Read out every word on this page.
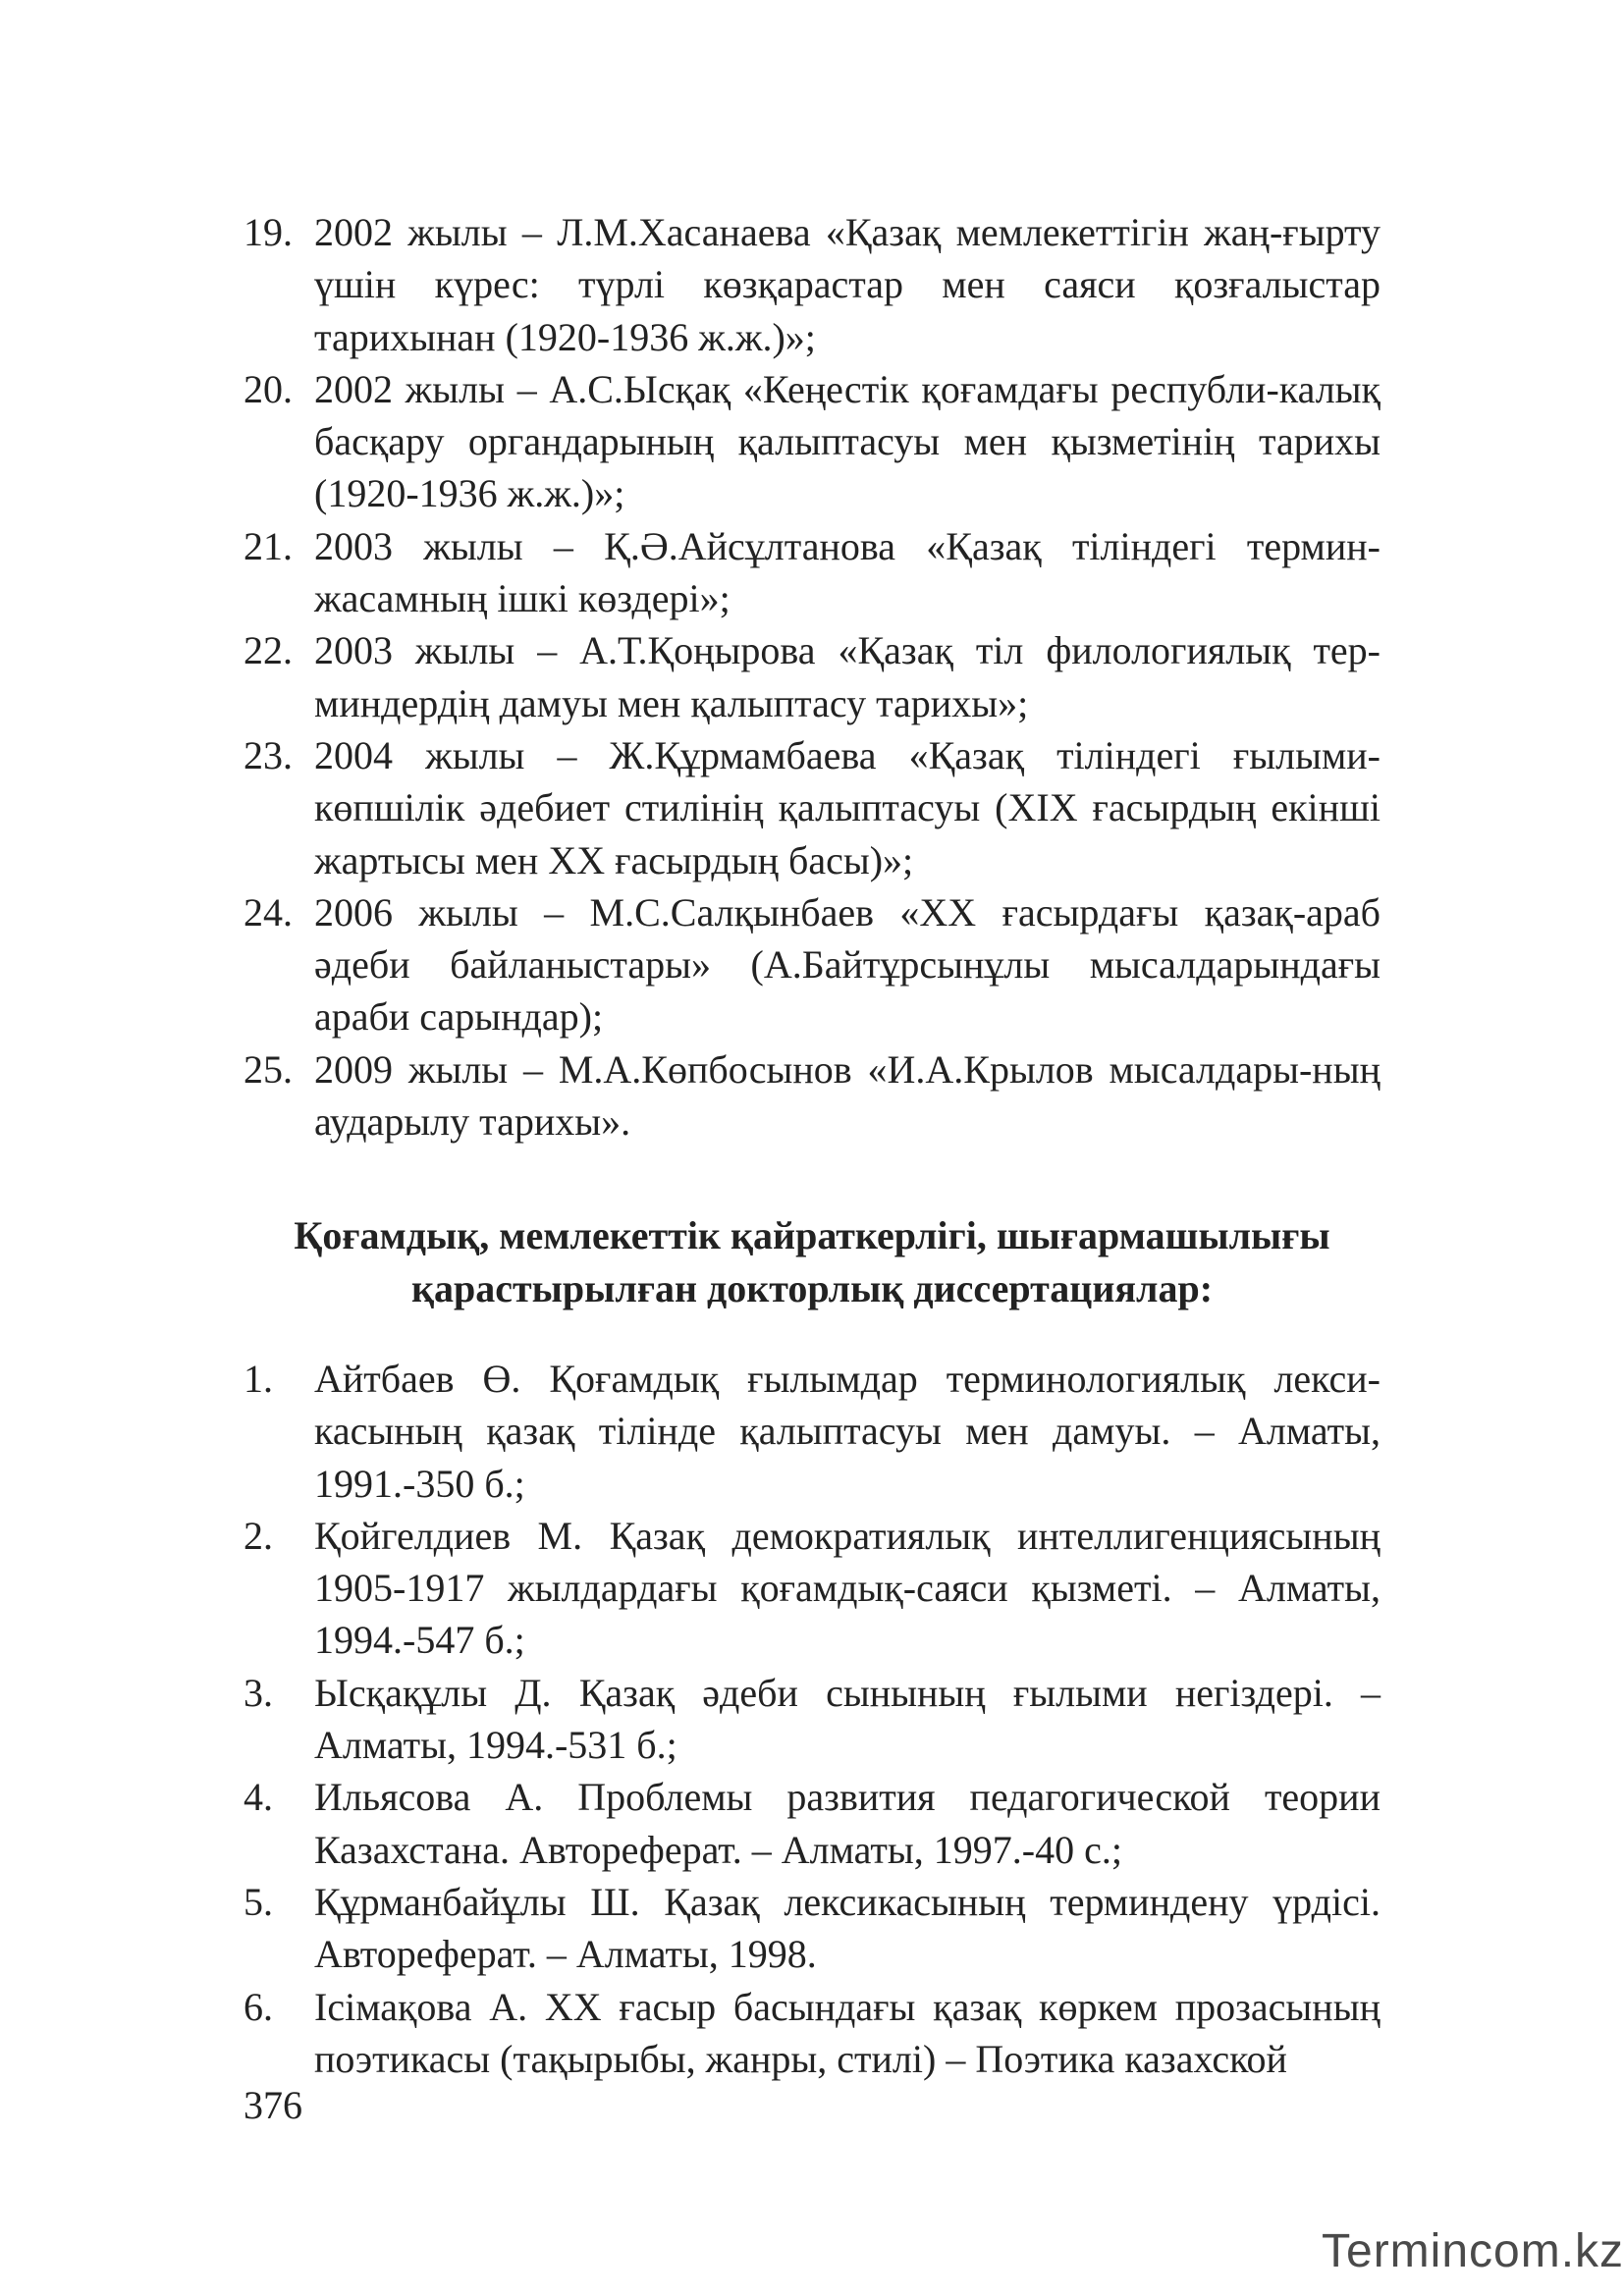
19. 2002 жылы – Л.М.Хасанаева «Қазақ мемлекеттігін жаң-ғырту үшін күрес: түрлі көзқарастар мен саяси қозғалыстар тарихынан (1920-1936 ж.ж.)»;
20. 2002 жылы – А.С.Ысқақ «Кеңестік қоғамдағы республи-калық басқару органдарының қалыптасуы мен қызметінің тарихы (1920-1936 ж.ж.)»;
21. 2003 жылы – Қ.Ә.Айсұлтанова «Қазақ тіліндегі термин-жасамның ішкі көздері»;
22. 2003 жылы – А.Т.Қоңырова «Қазақ тіл филологиялық тер-миндердің дамуы мен қалыптасу тарихы»;
23. 2004 жылы – Ж.Құрмамбаева «Қазақ тіліндегі ғылыми-көпшілік әдебиет стилінің қалыптасуы (XIX ғасырдың екінші жартысы мен XX ғасырдың басы)»;
24. 2006 жылы – М.С.Салқынбаев «XX ғасырдағы қазақ-араб әдеби байланыстары» (А.Байтұрсынұлы мысалдарындағы араби сарындар);
25. 2009 жылы – М.А.Көпбосынов «И.А.Крылов мысалдары-ның аударылу тарихы».
Қоғамдық, мемлекеттік қайраткерлігі, шығармашылығы қарастырылған докторлық диссертациялар:
1. Айтбаев Ө. Қоғамдық ғылымдар терминологиялық лекси-касының қазақ тілінде қалыптасуы мен дамуы. – Алматы, 1991.-350 б.;
2. Қойгелдиев М. Қазақ демократиялық интеллигенциясының 1905-1917 жылдардағы қоғамдық-саяси қызметі. – Алматы, 1994.-547 б.;
3. Ысқақұлы Д. Қазақ әдеби сынының ғылыми негіздері. – Алматы, 1994.-531 б.;
4. Ильясова А. Проблемы развития педагогической теории Казахстана. Автореферат. – Алматы, 1997.-40 с.;
5. Құрманбайұлы Ш. Қазақ лексикасының терминдену үрдісі. Автореферат. – Алматы, 1998.
6. Ісімақова А. XX ғасыр басындағы қазақ көркем прозасының поэтикасы (тақырыбы, жанры, стилі) – Поэтика казахской
376
Termincom.kz
